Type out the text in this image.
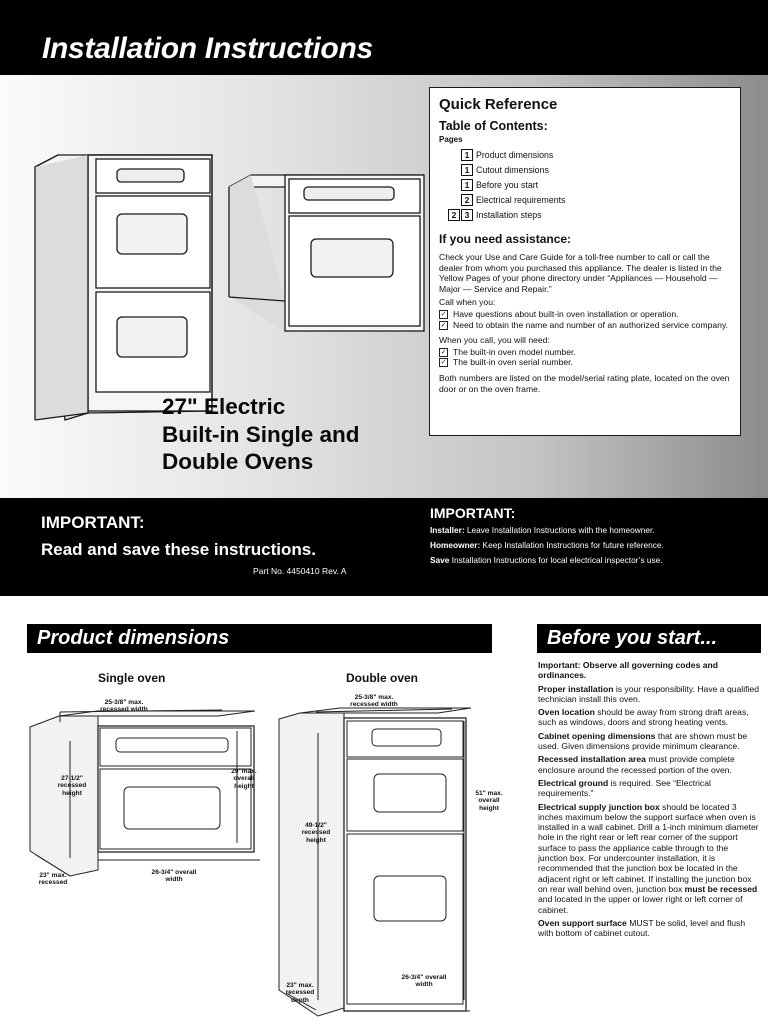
Installation Instructions
27" Electric
Built-in Single and
Double Ovens
Quick Reference
Table of Contents:
Pages
1 Product dimensions
1 Cutout dimensions
1 Before you start
2 Electrical requirements
2 3 Installation steps
If you need assistance:

Check your Use and Care Guide for a toll-free number to call or call the dealer from whom you purchased this appliance. The dealer is listed in the Yellow Pages of your phone directory under “Appliances — Household — Major — Service and Repair.”

Call when you:

✓ Have questions about built-in oven installation or operation.
✓ Need to obtain the name and number of an authorized service company.

When you call, you will need:

✓ The built-in oven model number.
✓ The built-in oven serial number.

Both numbers are listed on the model/serial rating plate, located on the oven door or on the oven frame.

IMPORTANT:
Read and save these instructions.
Part No. 4450410 Rev. A
IMPORTANT:
Installer: Leave Installation Instructions with the homeowner.
Homeowner: Keep Installation Instructions for future reference.
Save Installation Instructions for local electrical inspector’s use.
Product dimensions
Single oven	Double oven
25-3/8" max. recessed width
27-1/2" recessed height
29"max. overall height
23" max. recessed
26-3/4" overall width
25-3/8" max. recessed width
49-1/2" recessed height
51" max. overall height
23" max. recessed depth
26-3/4" overall width
Before you start...

Important: Observe all governing codes and ordinances.

Proper installation is your responsibility. Have a qualified technician install this oven.

Oven location should be away from strong draft areas, such as windows, doors and strong heating vents.

Cabinet opening dimensions that are shown must be used. Given dimensions provide minimum clearance.

Recessed installation area must provide complete enclosure around the recessed portion of the oven.

Electrical ground is required. See “Electrical requirements.”

Electrical supply junction box should be located 3 inches maximum below the support surface when oven is installed in a wall cabinet. Drill a 1-inch minimum diameter hole in the right rear or left rear corner of the support surface to pass the appliance cable through to the junction box. For undercounter installation, it is recommended that the junction box be located in the adjacent right or left cabinet. If installing the junction box on rear wall behind oven, junction box must be recessed and located in the upper or lower right or left corner of cabinet.

Oven support surface MUST be solid, level and flush with bottom of cabinet cutout.
